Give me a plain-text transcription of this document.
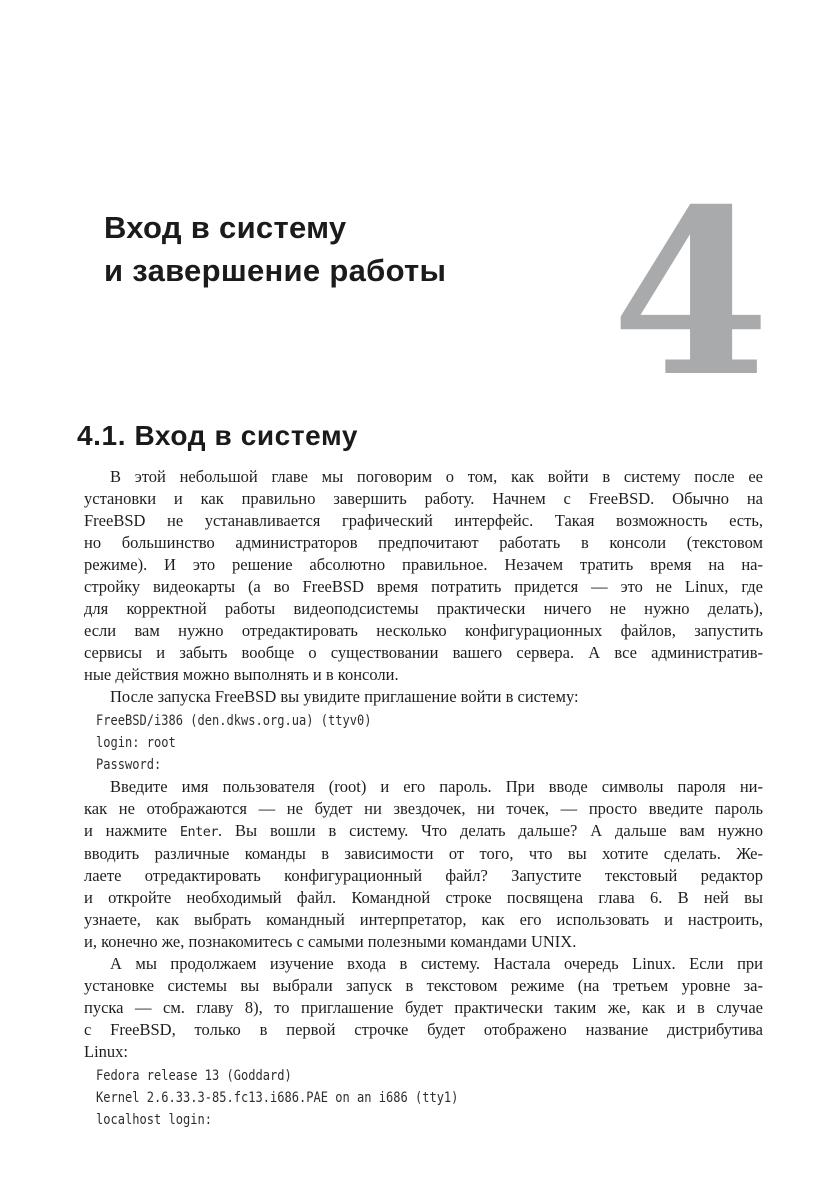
Вход в систему
и завершение работы 4
4.1. Вход в систему

В этой небольшой главе мы поговорим о том, как войти в систему после ее
установки и как правильно завершить работу. Начнем с FreeBSD. Обычно на
FreeBSD не устанавливается графический интерфейс. Такая возможность есть,
но большинство администраторов предпочитают работать в консоли (текстовом
режиме). И это решение абсолютно правильное. Незачем тратить время на на-
стройку видеокарты (а во FreeBSD время потратить придется — это не Linux, где
для корректной работы видеоподсистемы практически ничего не нужно делать),
если вам нужно отредактировать несколько конфигурационных файлов, запустить
сервисы и забыть вообще о существовании вашего сервера. А все административ-
ные действия можно выполнять и в консоли.

После запуска FreeBSD вы увидите приглашение войти в систему:

FreeBSD/i386 (den.dkws.org.ua) (ttyv0)
login: root
Password:

Введите имя пользователя (root) и его пароль. При вводе символы пароля ни-
как не отображаются — не будет ни звездочек, ни точек, — просто введите пароль
и нажмите Enter. Вы вошли в систему. Что делать дальше? А дальше вам нужно
вводить различные команды в зависимости от того, что вы хотите сделать. Же-
лаете отредактировать конфигурационный файл? Запустите текстовый редактор
и откройте необходимый файл. Командной строке посвящена глава 6. В ней вы
узнаете, как выбрать командный интерпретатор, как его использовать и настроить,
и, конечно же, познакомитесь с самыми полезными командами UNIX.

А мы продолжаем изучение входа в систему. Настала очередь Linux. Если при
установке системы вы выбрали запуск в текстовом режиме (на третьем уровне за-
пуска — см. главу 8), то приглашение будет практически таким же, как и в случае
с FreeBSD, только в первой строчке будет отображено название дистрибутива
Linux:

Fedora release 13 (Goddard)
Kernel 2.6.33.3-85.fc13.i686.PAE on an i686 (tty1)
localhost login:
